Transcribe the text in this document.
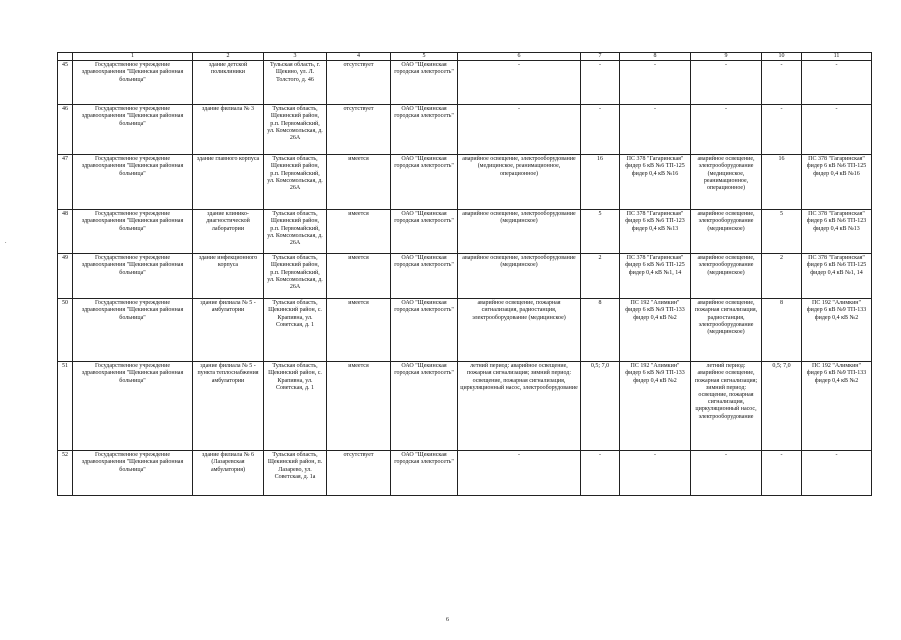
	1	2	3	4	5	6	7	8	9	10	11
45	Государственное учреждение здравоохранения "Щекинская районная больница"	здание детской поликлиники	Тульская область, г. Щекино, ул. Л. Толстого, д. 46	отсутствует	ОАО "Щекинская городская электросеть"	-	-	-	-	-	-
46	Государственное учреждение здравоохранения "Щекинская районная больница"	здание филиала № 3	Тульская область, Щекинский район, р.п. Первомайский, ул. Комсомольская, д. 26А	отсутствует	ОАО "Щекинская городская электросеть"	-	-	-	-	-	-
47	Государственное учреждение здравоохранения "Щекинская районная больница"	здание главного корпуса	Тульская область, Щекинский район, р.п. Первомайский, ул. Комсомольская, д. 26А	имеется	ОАО "Щекинская городская электросеть"	аварийное освещение, электрооборудование (медицинское, реанимационное, операционное)	16	ПС 378 "Гагаринская" фидер 6 кВ №6 ТП-125 фидер 0,4 кВ №16	аварийное освещение, электрооборудование (медицинское, реанимационное, операционное)	16	ПС 378 "Гагаринская" фидер 6 кВ №6 ТП-125 фидер 0,4 кВ №16
48	Государственное учреждение здравоохранения "Щекинская районная больница"	здание клинико-диагностической лаборатории	Тульская область, Щекинский район, р.п. Первомайский, ул. Комсомольская, д. 26А	имеется	ОАО "Щекинская городская электросеть"	аварийное освещение, электрооборудование (медицинское)	5	ПС 378 "Гагаринская" фидер 6 кВ №6 ТП-123 фидер 0,4 кВ №13	аварийное освещение, электрооборудование (медицинское)	5	ПС 378 "Гагаринская" фидер 6 кВ №6 ТП-123 фидер 0,4 кВ №13
49	Государственное учреждение здравоохранения "Щекинская районная больница"	здание инфекционного корпуса	Тульская область, Щекинский район, р.п. Первомайский, ул. Комсомольская, д. 26А	имеется	ОАО "Щекинская городская электросеть"	аварийное освещение, электрооборудование (медицинское)	2	ПС 378 "Гагаринская" фидер 6 кВ №6 ТП-125 фидер 0,4 кВ №1, 14	аварийное освещение, электрооборудование (медицинское)	2	ПС 378 "Гагаринская" фидер 6 кВ №6 ТП-125 фидер 0,4 кВ №1, 14
50	Государственное учреждение здравоохранения "Щекинская районная больница"	здание филиала № 5 - амбулатории	Тульская область, Щекинский район, с. Крапивна, ул. Советская, д. 1	имеется	ОАО "Щекинская городская электросеть"	аварийное освещение, пожарная сигнализация, радиостанция, электрооборудование (медицинское)	8	ПС 192 "Алимкин" фидер 6 кВ №9 ТП-133 фидер 0,4 кВ №2	аварийное освещение, пожарная сигнализация, радиостанция, электрооборудование (медицинское)	8	ПС 192 "Алимкин" фидер 6 кВ №9 ТП-133 фидер 0,4 кВ №2
51	Государственное учреждение здравоохранения "Щекинская районная больница"	здание филиала № 5 - пункта теплоснабжения амбулатории	Тульская область, Щекинский район, с. Крапивна, ул. Советская, д. 1	имеется	ОАО "Щекинская городская электросеть"	летний период: аварийное освещение, пожарная сигнализация; зимний период: освещение, пожарная сигнализация, циркуляционный насос, электрооборудование	0,5; 7,0	ПС 192 "Алимкин" фидер 6 кВ №9 ТП-133 фидер 0,4 кВ №2	летний период: аварийное освещение, пожарная сигнализация; зимний период: освещение, пожарная сигнализация, циркуляционный насос, электрооборудование	0,5; 7,0	ПС 192 "Алимкин" фидер 6 кВ №9 ТП-133 фидер 0,4 кВ №2
52	Государственное учреждение здравоохранения "Щекинская районная больница"	здание филиала № 6 (Лазаревская амбулатория)	Тульская область, Щекинский район, п. Лазарево, ул. Советская, д. 1а	отсутствует	ОАО "Щекинская городская электросеть"	-	-	-	-	-	-
.
6
